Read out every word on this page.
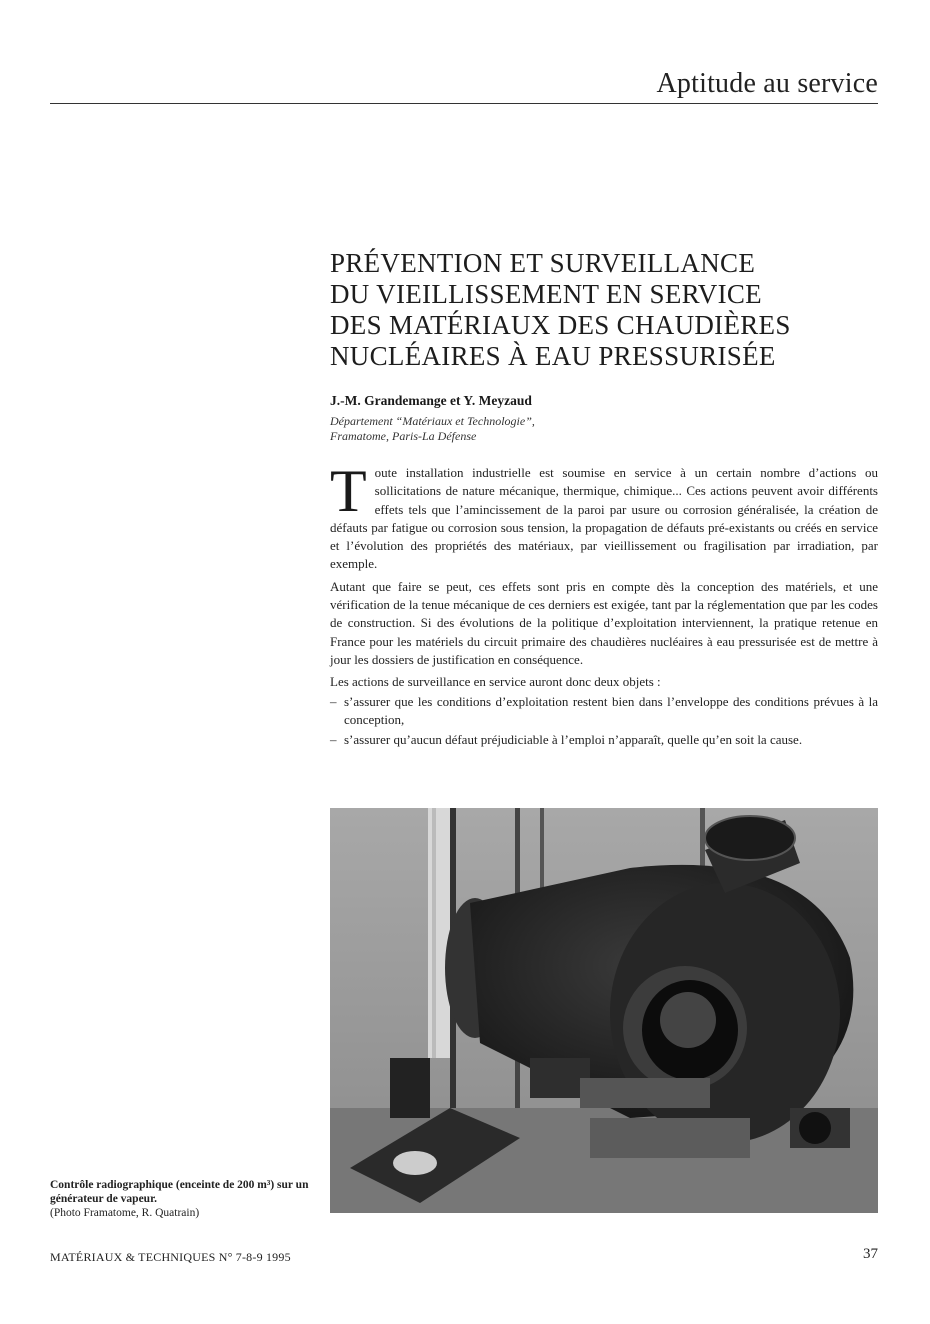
Aptitude au service
PRÉVENTION ET SURVEILLANCE
DU VIEILLISSEMENT EN SERVICE
DES MATÉRIAUX DES CHAUDIÈRES
NUCLÉAIRES À EAU PRESSURISÉE
J.-M. Grandemange et Y. Meyzaud
Département “Matériaux et Technologie”,
Framatome, Paris-La Défense

Toute installation industrielle est soumise en service à un certain nombre d’actions ou sollicitations de nature mécanique, thermique, chimique... Ces actions peuvent avoir différents effets tels que l’amincissement de la paroi par usure ou corrosion généralisée, la création de défauts par fatigue ou corrosion sous tension, la propagation de défauts pré-existants ou créés en service et l’évolution des propriétés des matériaux, par vieillissement ou fragilisation par irradiation, par exemple.

Autant que faire se peut, ces effets sont pris en compte dès la conception des matériels, et une vérification de la tenue mécanique de ces derniers est exigée, tant par la réglementation que par les codes de construction. Si des évolutions de la politique d’exploitation interviennent, la pratique retenue en France pour les matériels du circuit primaire des chaudières nucléaires à eau pressurisée est de mettre à jour les dossiers de justification en conséquence.

Les actions de surveillance en service auront donc deux objets :

– s’assurer que les conditions d’exploitation restent bien dans l’enveloppe des conditions prévues à la conception,
– s’assurer qu’aucun défaut préjudiciable à l’emploi n’apparaît, quelle qu’en soit la cause.
Contrôle radiographique (enceinte de 200 m³) sur un générateur de vapeur.
(Photo Framatome, R. Quatrain)
MATÉRIAUX & TECHNIQUES N° 7-8-9 1995	37
